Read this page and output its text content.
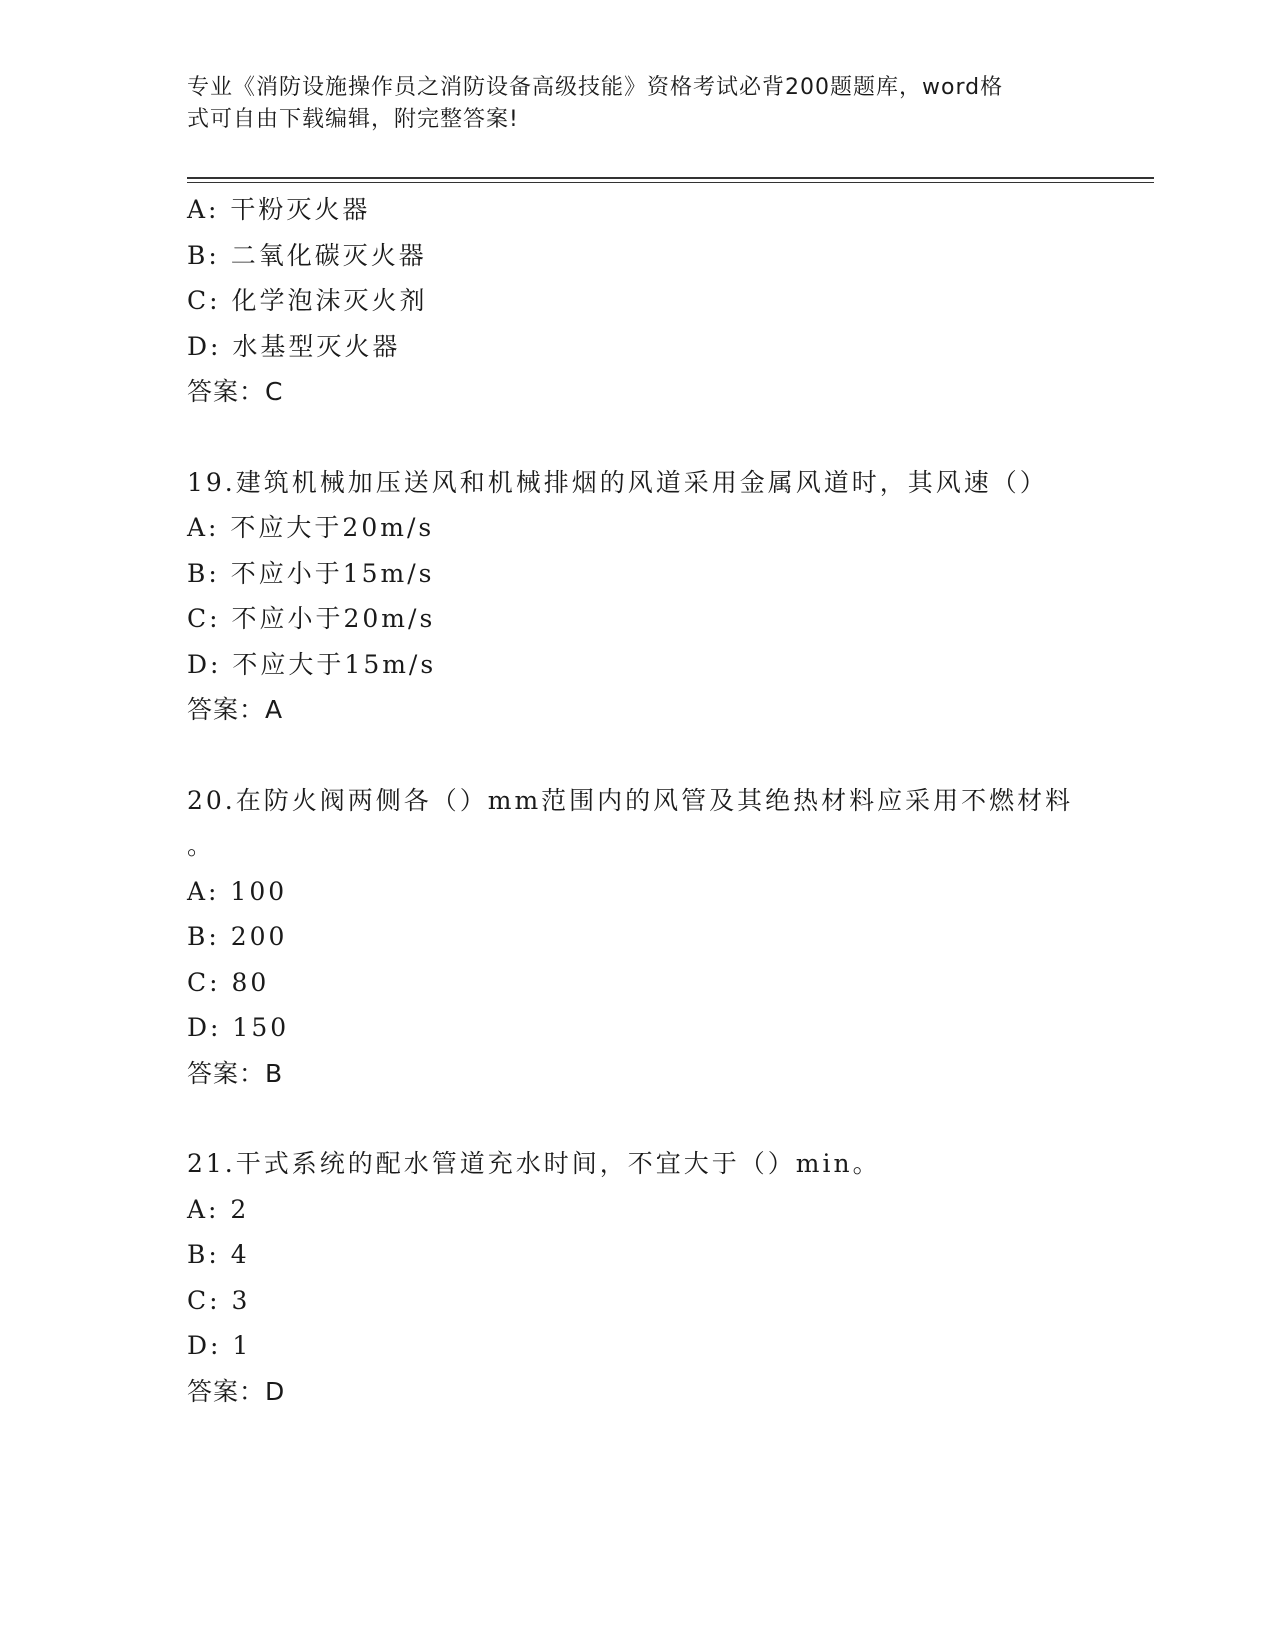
专业《消防设施操作员之消防设备高级技能》资格考试必背200题题库，word格
式可自由下载编辑，附完整答案!
A: 干粉灭火器
B: 二氧化碳灭火器
C: 化学泡沫灭火剂
D: 水基型灭火器
答案：C
19.建筑机械加压送风和机械排烟的风道采用金属风道时，其风速（）
A: 不应大于20m/s
B: 不应小于15m/s
C: 不应小于20m/s
D: 不应大于15m/s
答案：A
20.在防火阀两侧各（）mm范围内的风管及其绝热材料应采用不燃材料
。
A: 100
B: 200
C: 80
D: 150
答案：B
21.干式系统的配水管道充水时间，不宜大于（）min。
A: 2
B: 4
C: 3
D: 1
答案：D
